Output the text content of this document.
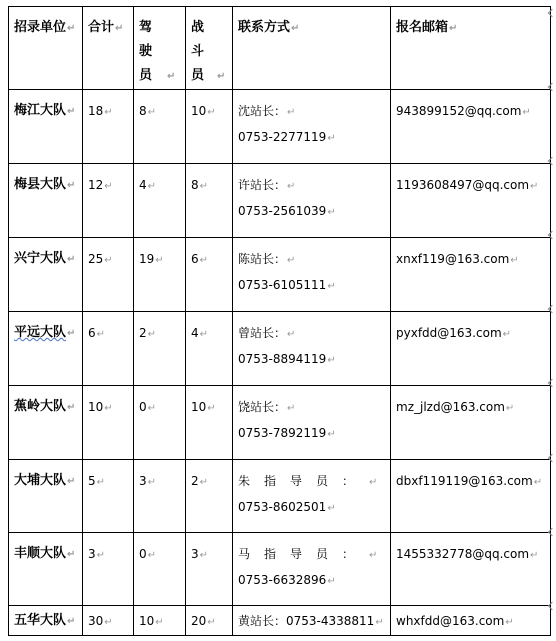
招录单位↵	合计↵	驾驶员↵	战斗员↵	联系方式↵	报名邮箱↵

梅江大队↵	18↵	8↵	10↵	沈站长：↵
0753-2277119↵	943899152@qq.com↵

梅县大队↵	12↵	4↵	8↵	许站长：↵
0753-2561039↵	1193608497@qq.com↵

兴宁大队↵	25↵	19↵	6↵	陈站长：↵
0753-6105111↵	xnxf119@163.com↵

平远大队↵	6↵	2↵	4↵	曾站长：↵
0753-8894119↵	pyxfdd@163.com↵

蕉岭大队↵	10↵	0↵	10↵	饶站长：↵
0753-7892119↵	mz_jlzd@163.com↵

大埔大队↵	5↵	3↵	2↵	朱指导员：↵
0753-8602501↵	dbxf119119@163.com↵

丰顺大队↵	3↵	0↵	3↵	马指导员：↵
0753-6632896↵	1455332778@qq.com↵

五华大队↵	30↵	10↵	20↵	黄站长：0753-4338811↵	whxfdd@163.com↵
